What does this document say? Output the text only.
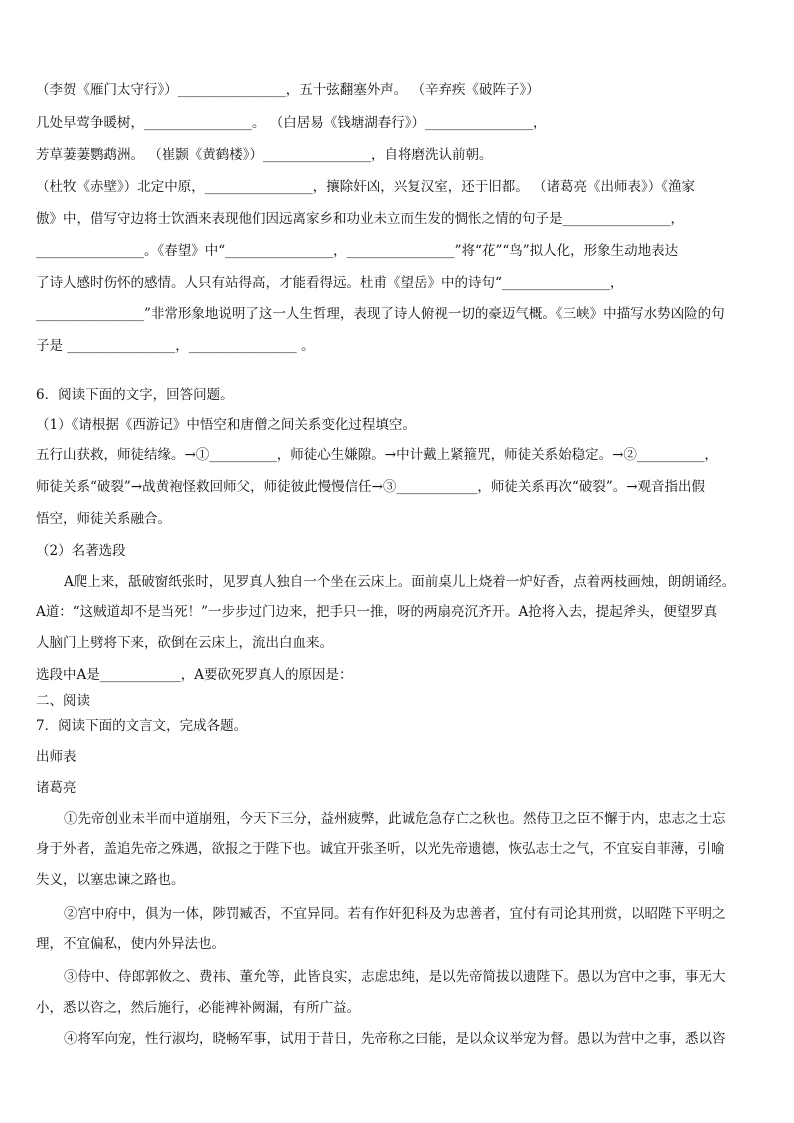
（李贺《雁门太守行》）________________，五十弦翻塞外声。 （辛弃疾《破阵子》）
几处早莺争暖树，________________。 （白居易《钱塘湖春行》）________________，
芳草萋萋鹦鹉洲。 （崔颢《黄鹤楼》）________________，自将磨洗认前朝。
（杜牧《赤壁》）北定中原，________________，攘除奸凶，兴复汉室，还于旧都。 （诸葛亮《出师表》）《渔家
傲》中，借写守边将士饮酒来表现他们因远离家乡和功业未立而生发的惆怅之情的句子是________________，
________________。《春望》中“________________，________________”将“花”“鸟”拟人化，形象生动地表达
了诗人感时伤怀的感情。人只有站得高，才能看得远。杜甫《望岳》中的诗句“________________，
________________”非常形象地说明了这一人生哲理，表现了诗人俯视一切的豪迈气概。《三峡》中描写水势凶险的句
子是 ________________，________________ 。
6．阅读下面的文字，回答问题。
（1）《请根据《西游记》中悟空和唐僧之间关系变化过程填空。
五行山获救，师徒结缘。→①__________，师徒心生嫌隙。→中计戴上紧箍咒，师徒关系始稳定。→②__________，
师徒关系“破裂”→战黄袍怪救回师父，师徒彼此慢慢信任→③____________，师徒关系再次“破裂”。→观音指出假
悟空，师徒关系融合。
（2）名著选段
A爬上来，舐破窗纸张时，见罗真人独自一个坐在云床上。面前桌儿上烧着一炉好香，点着两枝画烛，朗朗诵经。
A道：“这贼道却不是当死！”一步步过门边来，把手只一推，呀的两扇亮沉齐开。A抢将入去，提起斧头，便望罗真
人脑门上劈将下来，砍倒在云床上，流出白血来。
选段中A是____________，A要砍死罗真人的原因是：
二、阅读
7．阅读下面的文言文，完成各题。
出师表
诸葛亮
①先帝创业未半而中道崩殂，今天下三分，益州疲弊，此诚危急存亡之秋也。然侍卫之臣不懈于内，忠志之士忘
身于外者，盖追先帝之殊遇，欲报之于陛下也。诚宜开张圣听，以光先帝遗德，恢弘志士之气，不宜妄自菲薄，引喻
失义，以塞忠谏之路也。
②宫中府中，俱为一体，陟罚臧否，不宜异同。若有作奸犯科及为忠善者，宜付有司论其刑赏，以昭陛下平明之
理，不宜偏私，使内外异法也。
③侍中、侍郎郭攸之、费祎、董允等，此皆良实，志虑忠纯，是以先帝简拔以遗陛下。愚以为宫中之事，事无大
小，悉以咨之，然后施行，必能裨补阙漏，有所广益。
④将军向宠，性行淑均，晓畅军事，试用于昔日，先帝称之曰能，是以众议举宠为督。愚以为营中之事，悉以咨
